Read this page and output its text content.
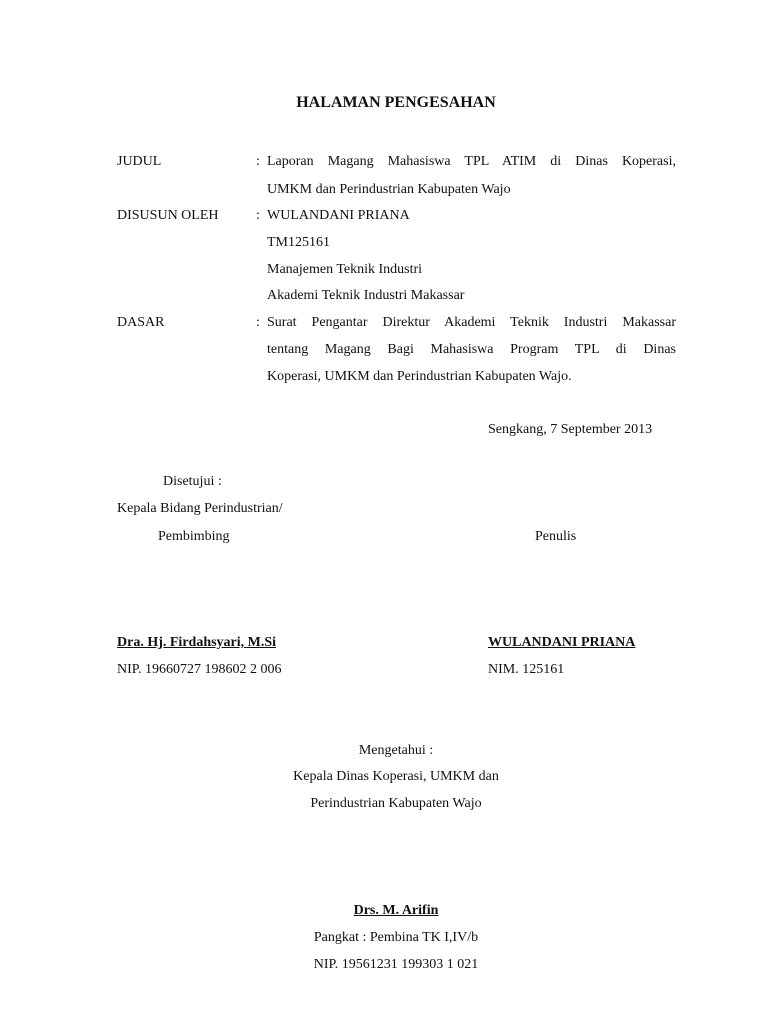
HALAMAN PENGESAHAN
JUDUL	: Laporan Magang Mahasiswa TPL ATIM di Dinas Koperasi,
UMKM dan Perindustrian Kabupaten Wajo
DISUSUN OLEH	: WULANDANI PRIANA
TM125161
Manajemen Teknik Industri
Akademi Teknik Industri Makassar
DASAR	: Surat Pengantar Direktur Akademi Teknik Industri Makassar
tentang Magang Bagi Mahasiswa Program TPL di Dinas
Koperasi, UMKM dan Perindustrian Kabupaten Wajo.
Sengkang, 7 September 2013
Disetujui :
Kepala Bidang Perindustrian/
Pembimbing	Penulis
Dra. Hj. Firdahsyari, M.Si
NIP. 19660727 198602 2 006
WULANDANI PRIANA
NIM. 125161
Mengetahui :
Kepala Dinas Koperasi, UMKM dan
Perindustrian Kabupaten Wajo
Drs. M. Arifin
Pangkat : Pembina TK I,IV/b
NIP. 19561231 199303 1 021
